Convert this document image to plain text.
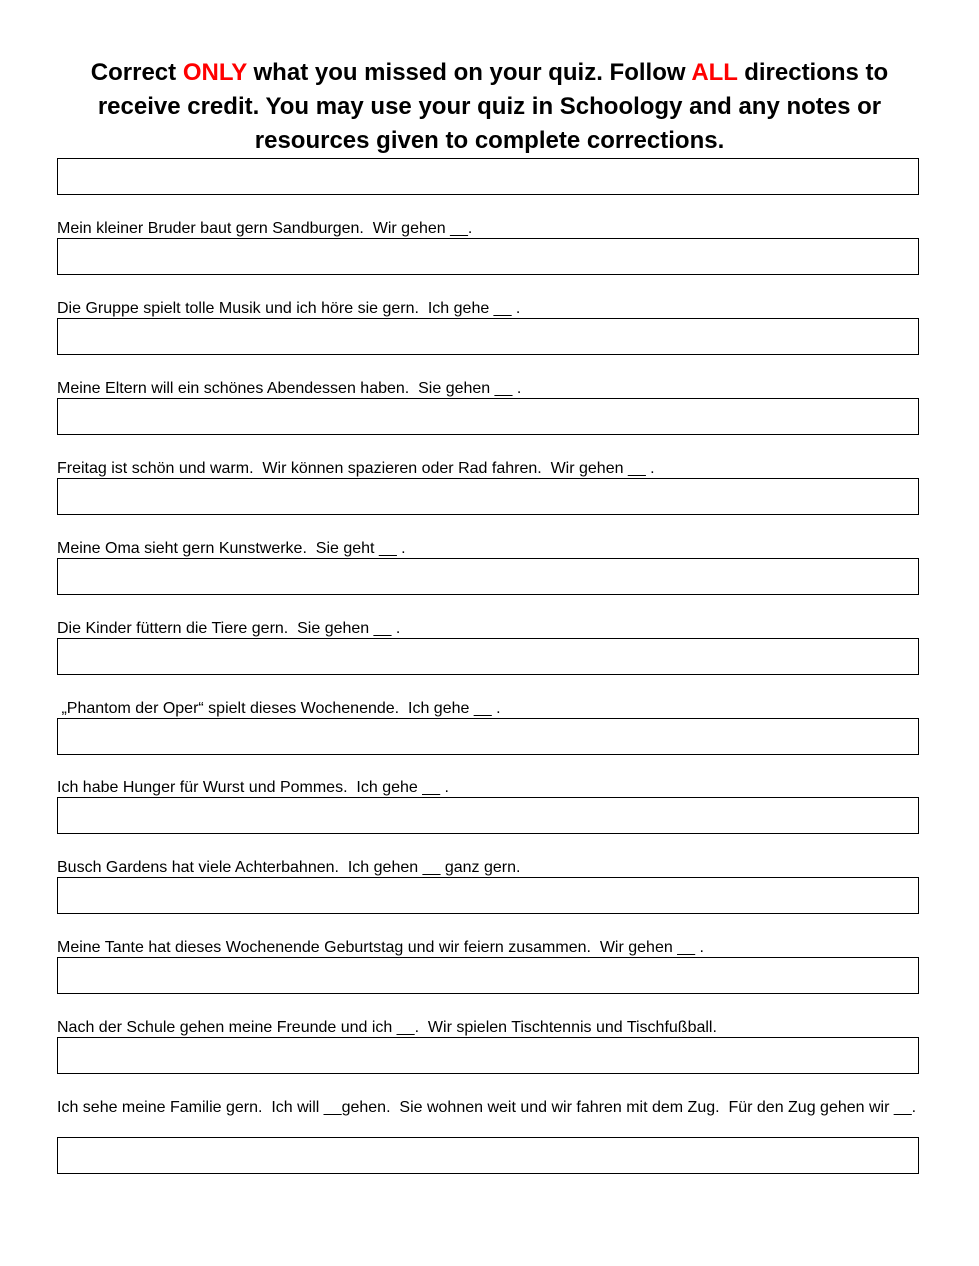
Correct ONLY what you missed on your quiz. Follow ALL directions to receive credit. You may use your quiz in Schoology and any notes or resources given to complete corrections.
Mein kleiner Bruder baut gern Sandburgen.  Wir gehen __.
Die Gruppe spielt tolle Musik und ich höre sie gern.  Ich gehe __ .
Meine Eltern will ein schönes Abendessen haben.  Sie gehen __ .
Freitag ist schön und warm.  Wir können spazieren oder Rad fahren.  Wir gehen __ .
Meine Oma sieht gern Kunstwerke.  Sie geht __ .
Die Kinder füttern die Tiere gern.  Sie gehen __ .
„Phantom der Oper“ spielt dieses Wochenende.  Ich gehe __ .
Ich habe Hunger für Wurst und Pommes.  Ich gehe __ .
Busch Gardens hat viele Achterbahnen.  Ich gehen __ ganz gern.
Meine Tante hat dieses Wochenende Geburtstag und wir feiern zusammen.  Wir gehen __ .
Nach der Schule gehen meine Freunde und ich __.  Wir spielen Tischtennis und Tischfußball.
Ich sehe meine Familie gern.  Ich will __gehen.  Sie wohnen weit und wir fahren mit dem Zug.  Für den Zug gehen wir __.
